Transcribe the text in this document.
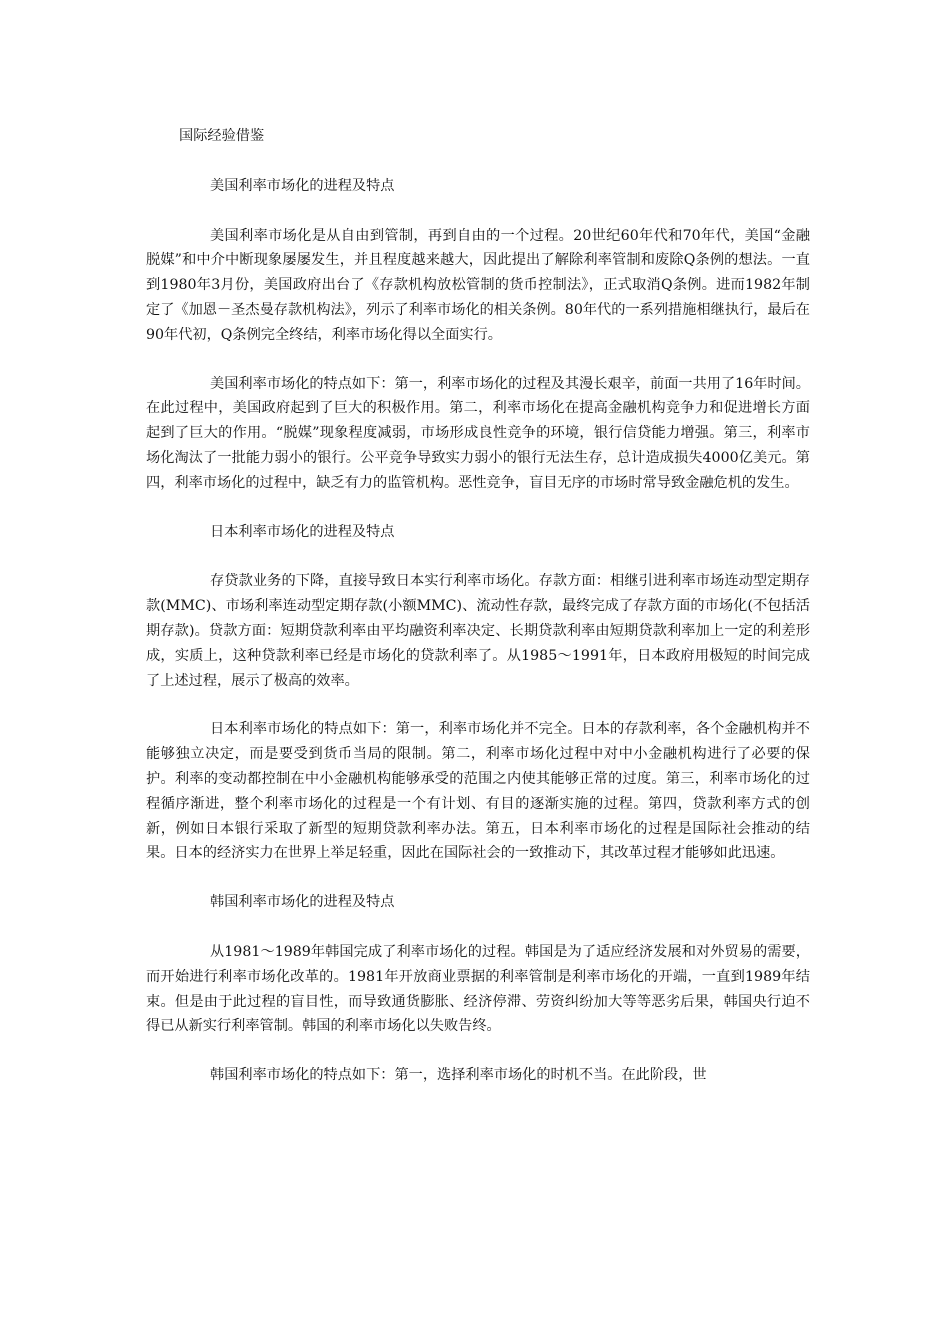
国际经验借鉴
美国利率市场化的进程及特点

美国利率市场化是从自由到管制，再到自由的一个过程。20世纪60年代和70年代，美国“金融脱媒”和中介中断现象屡屡发生，并且程度越来越大，因此提出了解除利率管制和废除Q条例的想法。一直到1980年3月份，美国政府出台了《存款机构放松管制的货币控制法》，正式取消Q条例。进而1982年制定了《加恩－圣杰曼存款机构法》，列示了利率市场化的相关条例。80年代的一系列措施相继执行，最后在90年代初，Q条例完全终结，利率市场化得以全面实行。

美国利率市场化的特点如下：第一，利率市场化的过程及其漫长艰辛，前面一共用了16年时间。在此过程中，美国政府起到了巨大的积极作用。第二，利率市场化在提高金融机构竞争力和促进增长方面起到了巨大的作用。“脱媒”现象程度减弱，市场形成良性竞争的环境，银行信贷能力增强。第三，利率市场化淘汰了一批能力弱小的银行。公平竞争导致实力弱小的银行无法生存，总计造成损失4000亿美元。第四，利率市场化的过程中，缺乏有力的监管机构。恶性竞争，盲目无序的市场时常导致金融危机的发生。

日本利率市场化的进程及特点

存贷款业务的下降，直接导致日本实行利率市场化。存款方面：相继引进利率市场连动型定期存款(MMC)、市场利率连动型定期存款(小额MMC)、流动性存款，最终完成了存款方面的市场化(不包括活期存款)。贷款方面：短期贷款利率由平均融资利率决定、长期贷款利率由短期贷款利率加上一定的利差形成，实质上，这种贷款利率已经是市场化的贷款利率了。从1985～1991年，日本政府用极短的时间完成了上述过程，展示了极高的效率。

日本利率市场化的特点如下：第一，利率市场化并不完全。日本的存款利率，各个金融机构并不能够独立决定，而是要受到货币当局的限制。第二，利率市场化过程中对中小金融机构进行了必要的保护。利率的变动都控制在中小金融机构能够承受的范围之内使其能够正常的过度。第三，利率市场化的过程循序渐进，整个利率市场化的过程是一个有计划、有目的逐渐实施的过程。第四，贷款利率方式的创新，例如日本银行采取了新型的短期贷款利率办法。第五，日本利率市场化的过程是国际社会推动的结果。日本的经济实力在世界上举足轻重，因此在国际社会的一致推动下，其改革过程才能够如此迅速。

韩国利率市场化的进程及特点

从1981～1989年韩国完成了利率市场化的过程。韩国是为了适应经济发展和对外贸易的需要，而开始进行利率市场化改革的。1981年开放商业票据的利率管制是利率市场化的开端，一直到1989年结束。但是由于此过程的盲目性，而导致通货膨胀、经济停滞、劳资纠纷加大等等恶劣后果，韩国央行迫不得已从新实行利率管制。韩国的利率市场化以失败告终。

韩国利率市场化的特点如下：第一，选择利率市场化的时机不当。在此阶段，世
